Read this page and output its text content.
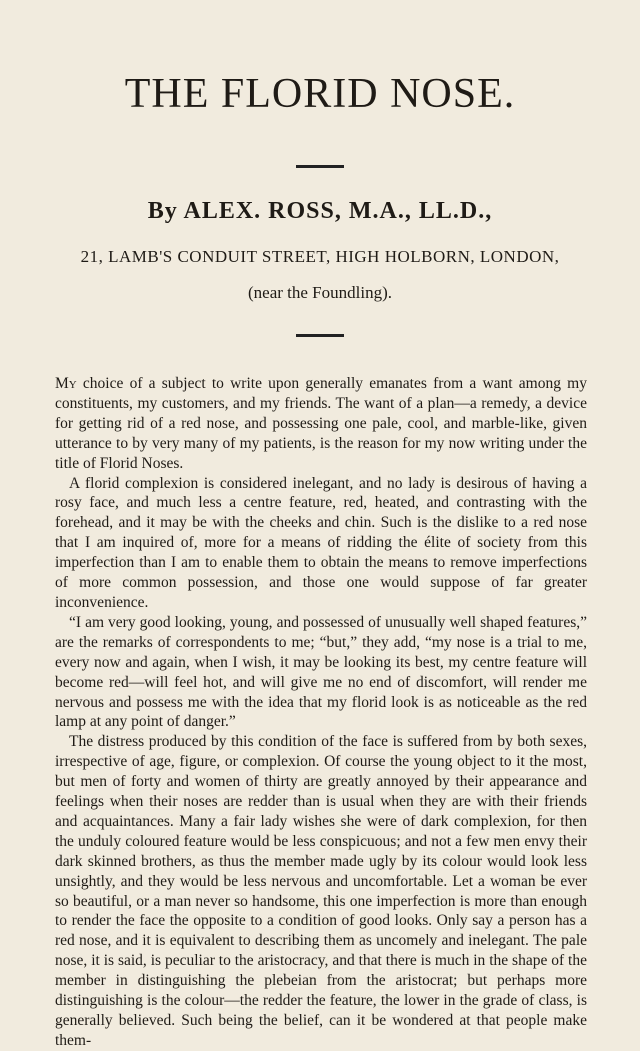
THE FLORID NOSE.
By ALEX. ROSS, M.A., LL.D.,
21, LAMB'S CONDUIT STREET, HIGH HOLBORN, LONDON,
(near the Foundling).

My choice of a subject to write upon generally emanates from a want among my constituents, my customers, and my friends. The want of a plan—a remedy, a device for getting rid of a red nose, and possessing one pale, cool, and marble-like, given utterance to by very many of my patients, is the reason for my now writing under the title of Florid Noses.

A florid complexion is considered inelegant, and no lady is desirous of having a rosy face, and much less a centre feature, red, heated, and contrasting with the forehead, and it may be with the cheeks and chin. Such is the dislike to a red nose that I am inquired of, more for a means of ridding the élite of society from this imperfection than I am to enable them to obtain the means to remove imperfections of more common possession, and those one would suppose of far greater inconvenience.

“I am very good looking, young, and possessed of unusually well shaped features,” are the remarks of correspondents to me; “but,” they add, “my nose is a trial to me, every now and again, when I wish, it may be looking its best, my centre feature will become red—will feel hot, and will give me no end of discomfort, will render me nervous and possess me with the idea that my florid look is as noticeable as the red lamp at any point of danger.”

The distress produced by this condition of the face is suffered from by both sexes, irrespective of age, figure, or complexion. Of course the young object to it the most, but men of forty and women of thirty are greatly annoyed by their appearance and feelings when their noses are redder than is usual when they are with their friends and acquaintances. Many a fair lady wishes she were of dark complexion, for then the unduly coloured feature would be less conspicuous; and not a few men envy their dark skinned brothers, as thus the member made ugly by its colour would look less unsightly, and they would be less nervous and uncomfortable. Let a woman be ever so beautiful, or a man never so handsome, this one imperfection is more than enough to render the face the opposite to a condition of good looks. Only say a person has a red nose, and it is equivalent to describing them as uncomely and inelegant. The pale nose, it is said, is peculiar to the aristocracy, and that there is much in the shape of the member in distinguishing the plebeian from the aristocrat; but perhaps more distinguishing is the colour—the redder the feature, the lower in the grade of class, is generally believed. Such being the belief, can it be wondered at that people make them-
